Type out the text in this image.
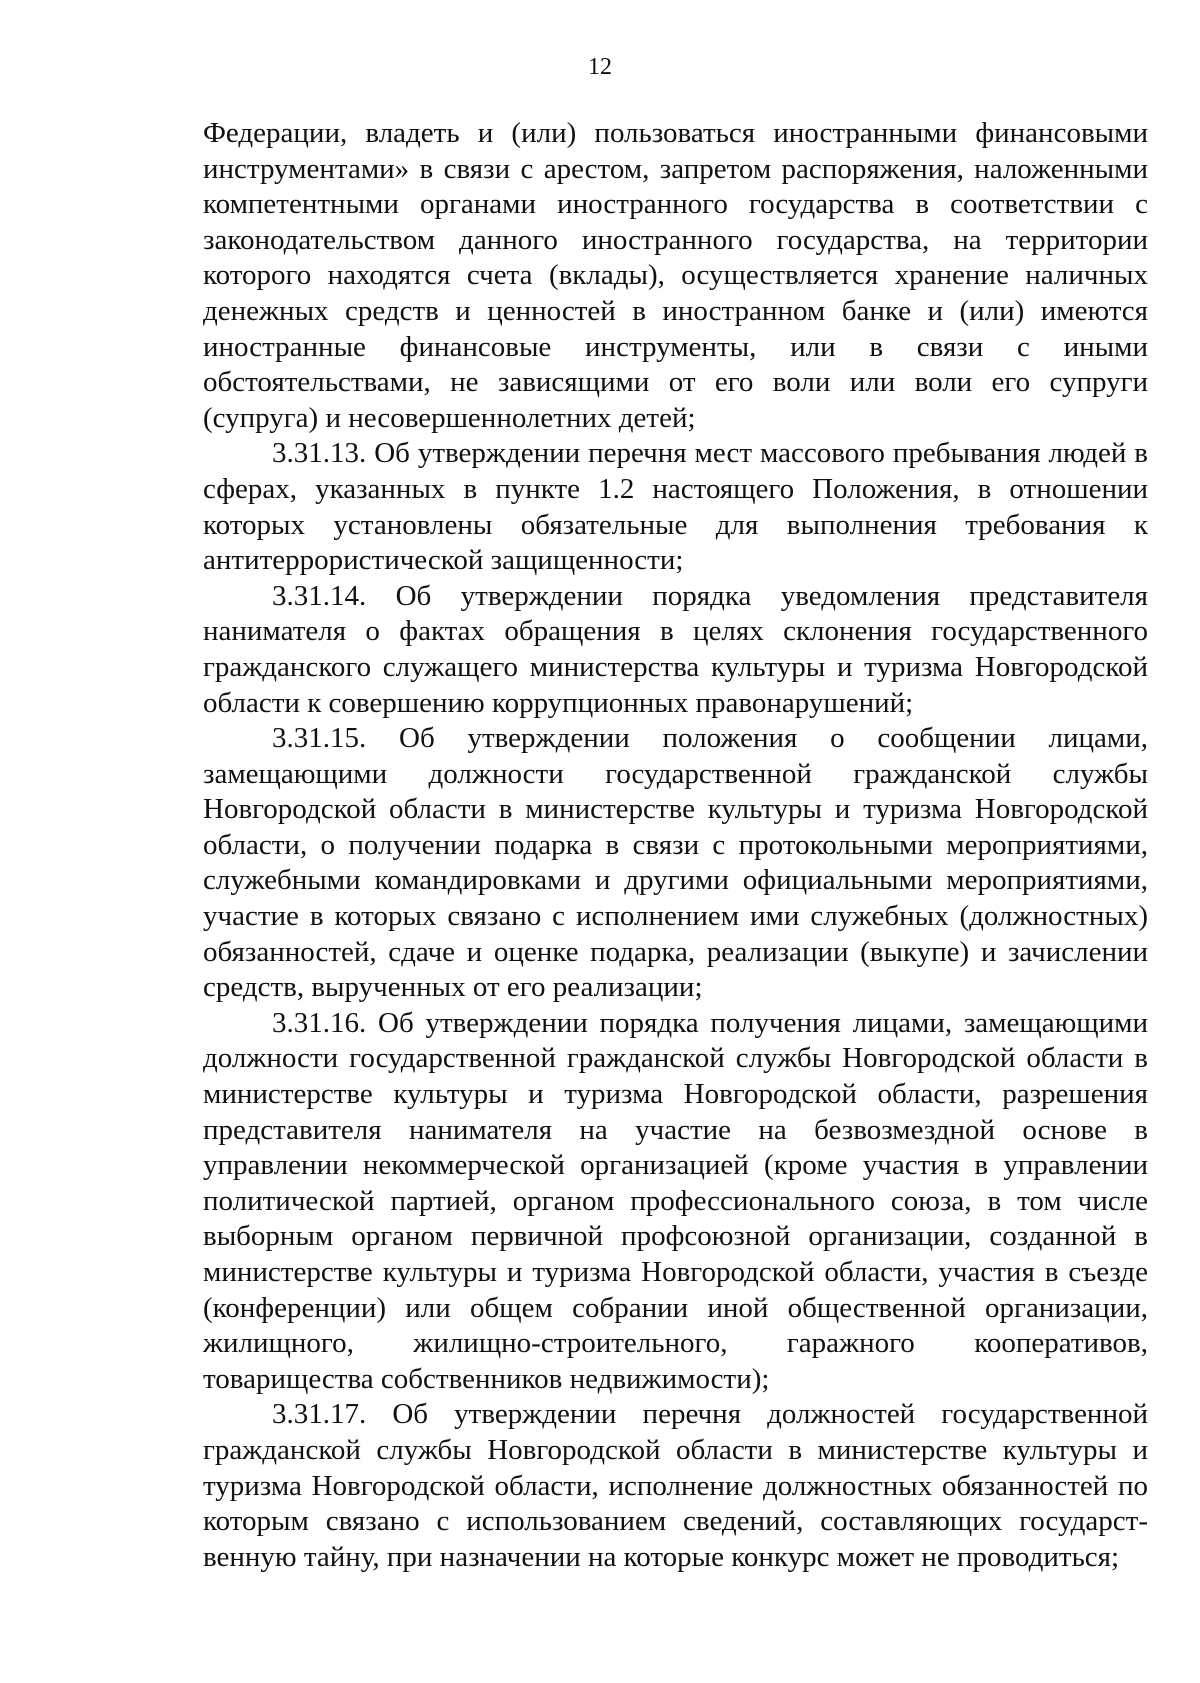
12

Федерации, владеть и (или) пользоваться иностранными финансовыми инструментами» в связи с арестом, запретом распоряжения, наложенными компетентными органами иностранного государства в соответствии с законодательством данного иностранного государства, на территории которого находятся счета (вклады), осуществляется хранение наличных денежных средств и ценностей в иностранном банке и (или) имеются иностранные финансовые инструменты, или в связи с иными обстоятельствами, не зависящими от его воли или воли его супруги (супруга) и несовершеннолетних детей;

3.31.13. Об утверждении перечня мест массового пребывания людей в сферах, указанных в пункте 1.2 настоящего Положения, в отношении которых установлены обязательные для выполнения требования к антитеррористической защищенности;

3.31.14. Об утверждении порядка уведомления представителя нанимателя о фактах обращения в целях склонения государственного гражданского служащего министерства культуры и туризма Новгородской области к совершению коррупционных правонарушений;

3.31.15. Об утверждении положения о сообщении лицами, замещающими должности государственной гражданской службы Новгородской области в министерстве культуры и туризма Новгородской области, о получении подарка в связи с протокольными мероприятиями, служебными командировками и другими официальными мероприятиями, участие в которых связано с исполнением ими служебных (должностных) обязанностей, сдаче и оценке подарка, реализации (выкупе) и зачислении средств, вырученных от его реализации;

3.31.16. Об утверждении порядка получения лицами, замещающими должности государственной гражданской службы Новгородской области в министерстве культуры и туризма Новгородской области, разрешения представителя нанимателя на участие на безвозмездной основе в управлении некоммерческой организацией (кроме участия в управлении политической партией, органом профессионального союза, в том числе выборным органом первичной профсоюзной организации, созданной в министерстве культуры и туризма Новгородской области, участия в съезде (конференции) или общем собрании иной общественной организации, жилищного, жилищно-строительного, гаражного кооперативов, товарищества собственников недвижимости);

3.31.17. Об утверждении перечня должностей государственной гражданской службы Новгородской области в министерстве культуры и туризма Новгородской области, исполнение должностных обязанностей по которым связано с использованием сведений, составляющих государст-венную тайну, при назначении на которые конкурс может не проводиться;
